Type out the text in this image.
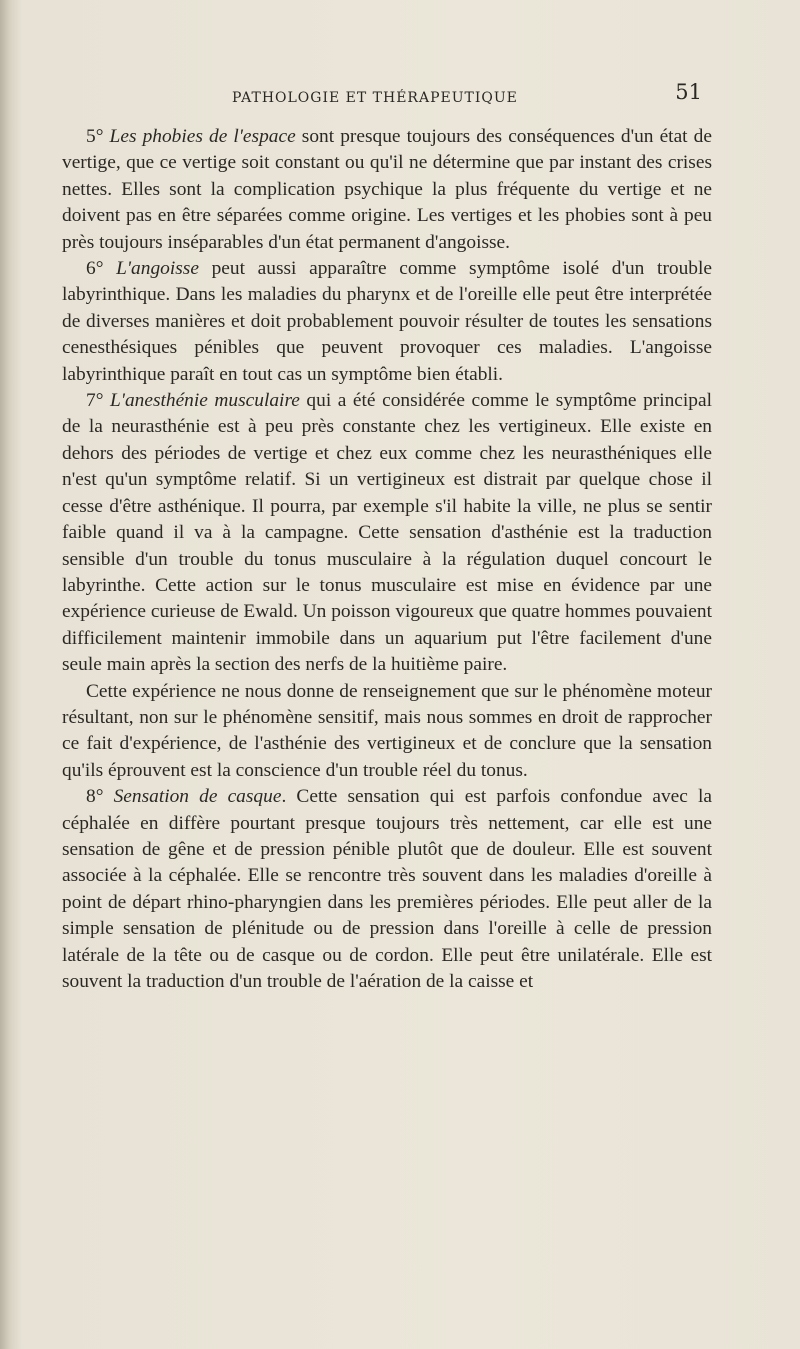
PATHOLOGIE ET THÉRAPEUTIQUE	51

5° Les phobies de l'espace sont presque toujours des conséquences d'un état de vertige, que ce vertige soit constant ou qu'il ne détermine que par instant des crises nettes. Elles sont la complication psychique la plus fréquente du vertige et ne doivent pas en être séparées comme origine. Les vertiges et les phobies sont à peu près toujours inséparables d'un état permanent d'angoisse.

6° L'angoisse peut aussi apparaître comme symptôme isolé d'un trouble labyrinthique. Dans les maladies du pharynx et de l'oreille elle peut être interprétée de diverses manières et doit probablement pouvoir résulter de toutes les sensations cenesthésiques pénibles que peuvent provoquer ces maladies. L'angoisse labyrinthique paraît en tout cas un symptôme bien établi.

7° L'anesthénie musculaire qui a été considérée comme le symptôme principal de la neurasthénie est à peu près constante chez les vertigineux. Elle existe en dehors des périodes de vertige et chez eux comme chez les neurasthéniques elle n'est qu'un symptôme relatif. Si un vertigineux est distrait par quelque chose il cesse d'être asthénique. Il pourra, par exemple s'il habite la ville, ne plus se sentir faible quand il va à la campagne. Cette sensation d'asthénie est la traduction sensible d'un trouble du tonus musculaire à la régulation duquel concourt le labyrinthe. Cette action sur le tonus musculaire est mise en évidence par une expérience curieuse de Ewald. Un poisson vigoureux que quatre hommes pouvaient difficilement maintenir immobile dans un aquarium put l'être facilement d'une seule main après la section des nerfs de la huitième paire.

Cette expérience ne nous donne de renseignement que sur le phénomène moteur résultant, non sur le phénomène sensitif, mais nous sommes en droit de rapprocher ce fait d'expérience, de l'asthénie des vertigineux et de conclure que la sensation qu'ils éprouvent est la conscience d'un trouble réel du tonus.

8° Sensation de casque. Cette sensation qui est parfois confondue avec la céphalée en diffère pourtant presque toujours très nettement, car elle est une sensation de gêne et de pression pénible plutôt que de douleur. Elle est souvent associée à la céphalée. Elle se rencontre très souvent dans les maladies d'oreille à point de départ rhino-pharyngien dans les premières périodes. Elle peut aller de la simple sensation de plénitude ou de pression dans l'oreille à celle de pression latérale de la tête ou de casque ou de cordon. Elle peut être unilatérale. Elle est souvent la traduction d'un trouble de l'aération de la caisse et
